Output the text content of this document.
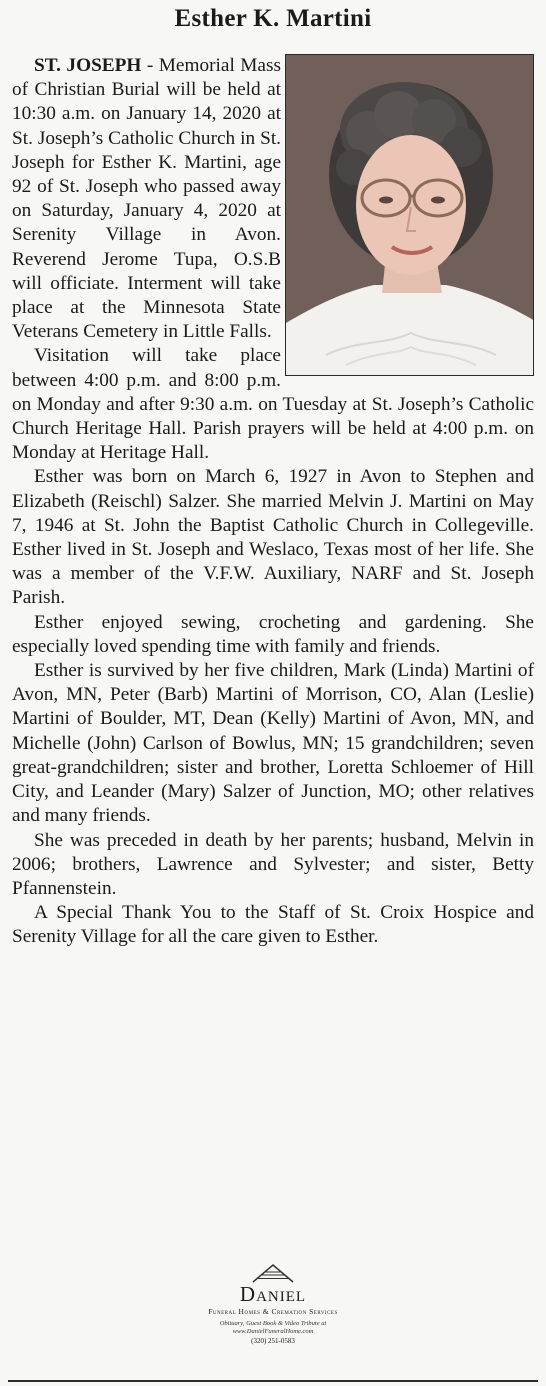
Esther K. Martini

ST. JOSEPH - Memorial Mass of Christian Burial will be held at 10:30 a.m. on January 14, 2020 at St. Joseph’s Catholic Church in St. Joseph for Esther K. Martini, age 92 of St. Joseph who passed away on Saturday, January 4, 2020 at Serenity Village in Avon. Reverend Jerome Tupa, O.S.B will officiate. Interment will take place at the Minnesota State Veterans Cemetery in Little Falls.

Visitation will take place between 4:00 p.m. and 8:00 p.m. on Monday and after 9:30 a.m. on Tuesday at St. Joseph’s Catholic Church Heritage Hall. Parish prayers will be held at 4:00 p.m. on Monday at Heritage Hall.

Esther was born on March 6, 1927 in Avon to Stephen and Elizabeth (Reischl) Salzer. She married Melvin J. Martini on May 7, 1946 at St. John the Baptist Catholic Church in Collegeville. Esther lived in St. Joseph and Weslaco, Texas most of her life. She was a member of the V.F.W. Auxiliary, NARF and St. Joseph Parish.

Esther enjoyed sewing, crocheting and gardening. She especially loved spending time with family and friends.

Esther is survived by her five children, Mark (Linda) Martini of Avon, MN, Peter (Barb) Martini of Morrison, CO, Alan (Leslie) Martini of Boulder, MT, Dean (Kelly) Martini of Avon, MN, and Michelle (John) Carlson of Bowlus, MN; 15 grandchildren; seven great-grandchildren; sister and brother, Loretta Schloemer of Hill City, and Leander (Mary) Salzer of Junction, MO; other relatives and many friends.

She was preceded in death by her parents; husband, Melvin in 2006; brothers, Lawrence and Sylvester; and sister, Betty Pfannenstein.

A Special Thank You to the Staff of St. Croix Hospice and Serenity Village for all the care given to Esther.

Daniel
Funeral Homes & Cremation Services
Obituary, Guest Book & Video Tribute at
www.DanielFuneralHome.com
(320) 251-0583
